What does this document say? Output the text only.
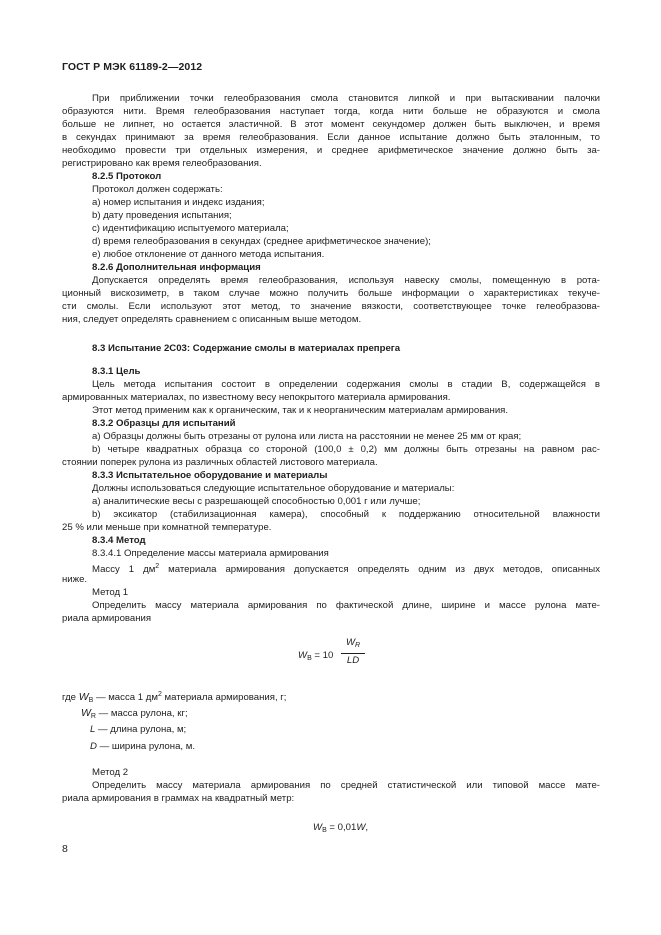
ГОСТ Р МЭК 61189-2—2012
При приближении точки гелеобразования смола становится липкой и при вытаскивании палочки
образуются нити. Время гелеобразования наступает тогда, когда нити больше не образуются и смола
больше не липнет, но остается эластичной. В этот момент секундомер должен быть выключен, и время
в секундах принимают за время гелеобразования. Если данное испытание должно быть эталонным, то
необходимо провести три отдельных измерения, и среднее арифметическое значение должно быть за-
регистрировано как время гелеобразования.
8.2.5 Протокол
Протокол должен содержать:
a) номер испытания и индекс издания;
b) дату проведения испытания;
c) идентификацию испытуемого материала;
d) время гелеобразования в секундах (среднее арифметическое значение);
e) любое отклонение от данного метода испытания.
8.2.6 Дополнительная информация
Допускается определять время гелеобразования, используя навеску смолы, помещенную в рота-
ционный вискозиметр, в таком случае можно получить больше информации о характеристиках текуче-
сти смолы. Если используют этот метод, то значение вязкости, соответствующее точке гелеобразова-
ния, следует определять сравнением с описанным выше методом.
8.3 Испытание 2C03: Содержание смолы в материалах препрега
8.3.1 Цель
Цель метода испытания состоит в определении содержания смолы в стадии B, содержащейся в
армированных материалах, по известному весу непокрытого материала армирования.
Этот метод применим как к органическим, так и к неорганическим материалам армирования.
8.3.2 Образцы для испытаний
a) Образцы должны быть отрезаны от рулона или листа на расстоянии не менее 25 мм от края;
b) четыре квадратных образца со стороной (100,0 ± 0,2) мм должны быть отрезаны на равном рас-
стоянии поперек рулона из различных областей листового материала.
8.3.3 Испытательное оборудование и материалы
Должны использоваться следующие испытательное оборудование и материалы:
a) аналитические весы с разрешающей способностью 0,001 г или лучше;
b) эксикатор (стабилизационная камера), способный к поддержанию относительной влажности
25 % или меньше при комнатной температуре.
8.3.4 Метод
8.3.4.1 Определение массы материала армирования
Массу 1 $дм^2$ материала армирования допускается определять одним из двух методов, описанных
ниже.
Метод 1
Определить массу материала армирования по фактической длине, ширине и массе рулона мате-
риала армирования
$W_B = 10$
$W_R$
LD
где $W_B$ — масса 1 $дм^2$ материала армирования, г;
$W_R$ — масса рулона, кг;
L — длина рулона, м;
D — ширина рулона, м.
Метод 2
Определить массу материала армирования по средней статистической или типовой массе мате-
риала армирования в граммах на квадратный метр:
$W_B = 0,01W$,
8
